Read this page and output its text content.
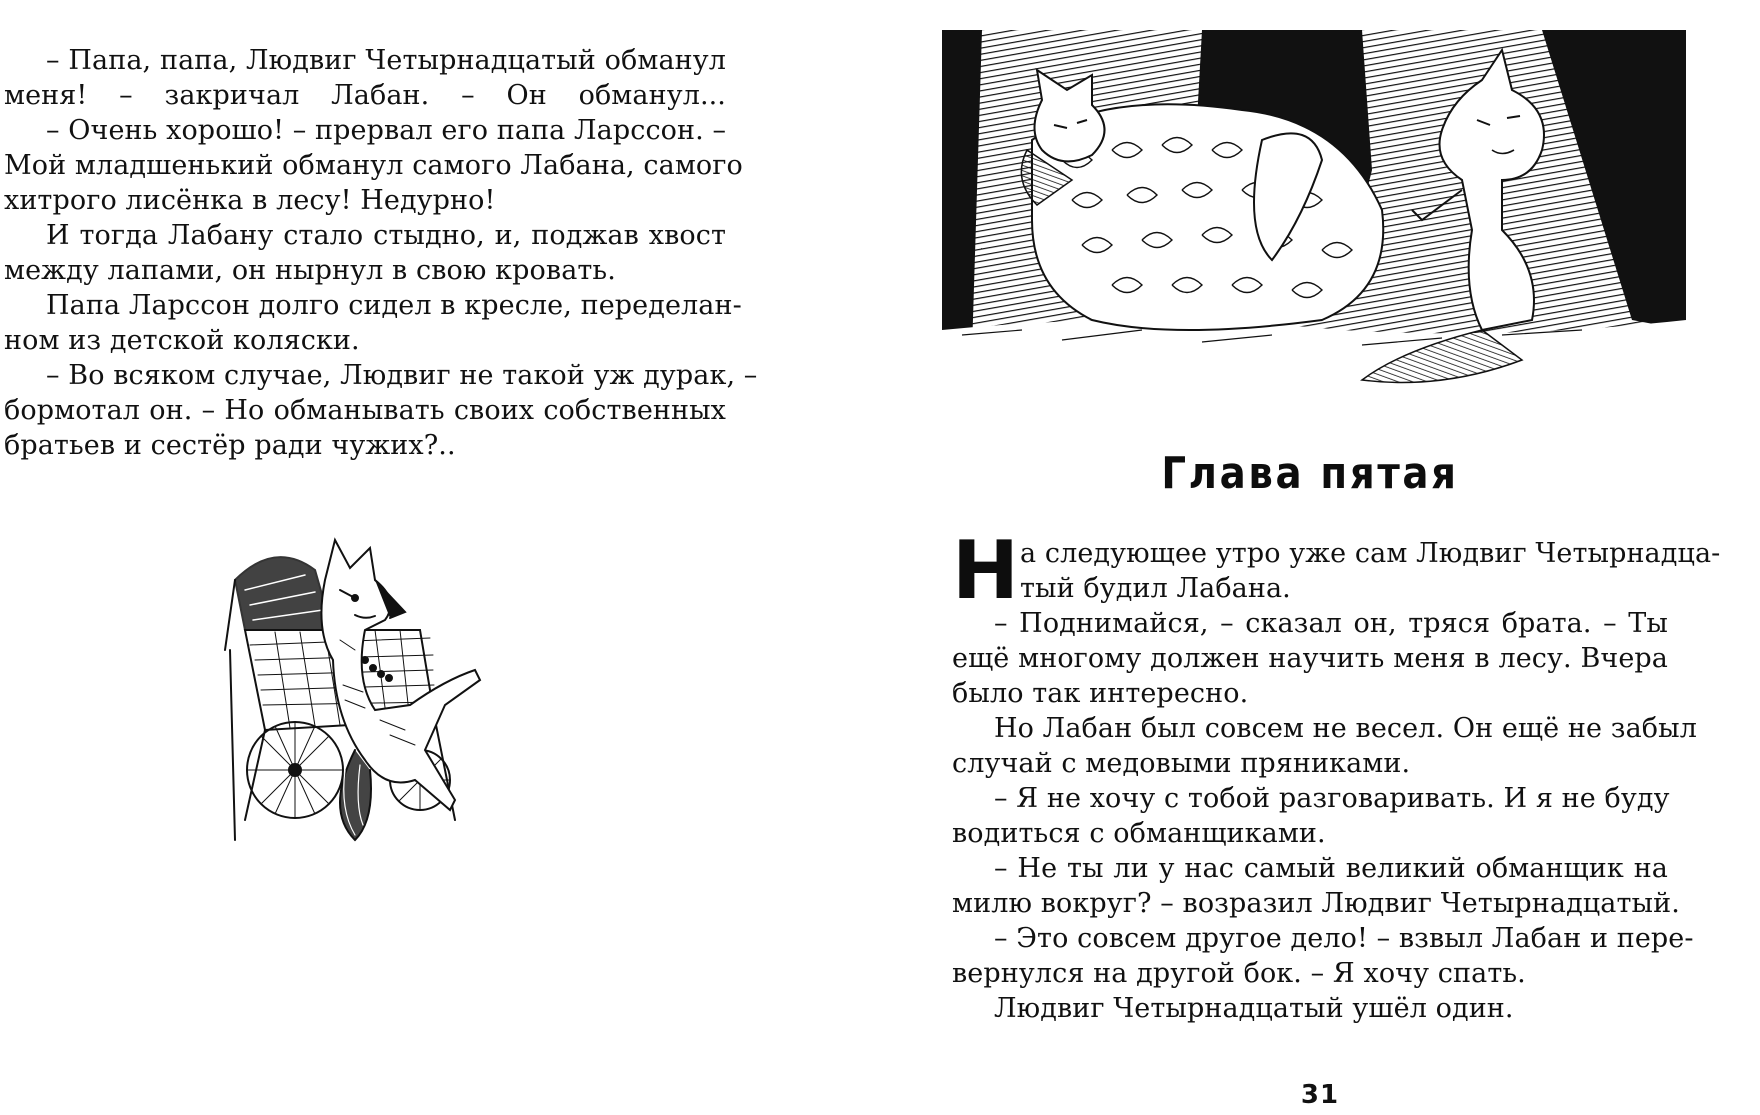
– Папа, папа, Людвиг Четырнадцатый обманул
меня! – закричал Лабан. – Он обманул...
– Очень хорошо! – прервал его папа Ларссон. –
Мой младшенький обманул самого Лабана, самого
хитрого лисёнка в лесу! Недурно!
И тогда Лабану стало стыдно, и, поджав хвост
между лапами, он нырнул в свою кровать.
Папа Ларссон долго сидел в кресле, переделан-
ном из детской коляски.
– Во всяком случае, Людвиг не такой уж дурак, –
бормотал он. – Но обманывать своих собственных
братьев и сестёр ради чужих?..
Глава пятая
Н а следующее утро уже сам Людвиг Четырнадца-
тый будил Лабана.
– Поднимайся, – сказал он, тряся брата. – Ты
ещё многому должен научить меня в лесу. Вчера
было так интересно.
Но Лабан был совсем не весел. Он ещё не забыл
случай с медовыми пряниками.
– Я не хочу с тобой разговаривать. И я не буду
водиться с обманщиками.
– Не ты ли у нас самый великий обманщик на
милю вокруг? – возразил Людвиг Четырнадцатый.
– Это совсем другое дело! – взвыл Лабан и пере-
вернулся на другой бок. – Я хочу спать.
Людвиг Четырнадцатый ушёл один.
31
